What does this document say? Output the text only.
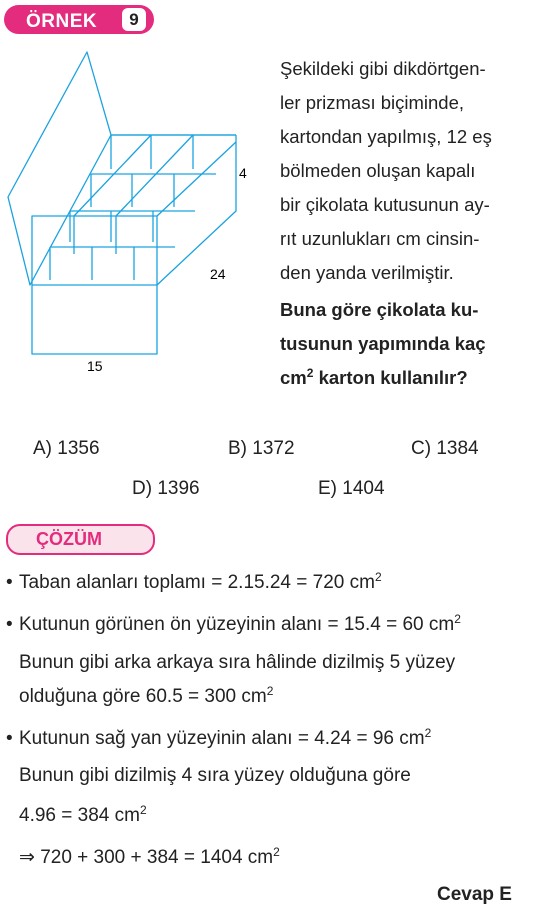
ÖRNEK	9
4
24
15

Şekildeki gibi dikdörtgen-

ler prizması biçiminde,

kartondan yapılmış, 12 eş

bölmeden oluşan kapalı

bir çikolata kutusunun ay-

rıt uzunlukları cm cinsin-

den yanda verilmiştir.

Buna göre çikolata ku-

tusunun yapımında kaç

$cm^2$ karton kullanılır?

A) 1356	B) 1372	C) 1384
D) 1396	E) 1404
ÇÖZÜM
• Taban alanları toplamı = 2.15.24 = 720 $cm^2$
• Kutunun görünen ön yüzeyinin alanı = 15.4 = 60 $cm^2$
Bunun gibi arka arkaya sıra hâlinde dizilmiş 5 yüzey
olduğuna göre 60.5 = 300 $cm^2$
• Kutunun sağ yan yüzeyinin alanı = 4.24 = 96 $cm^2$
Bunun gibi dizilmiş 4 sıra yüzey olduğuna göre
4.96 = 384 $cm^2$
⇒ 720 + 300 + 384 = 1404 $cm^2$
Cevap E
